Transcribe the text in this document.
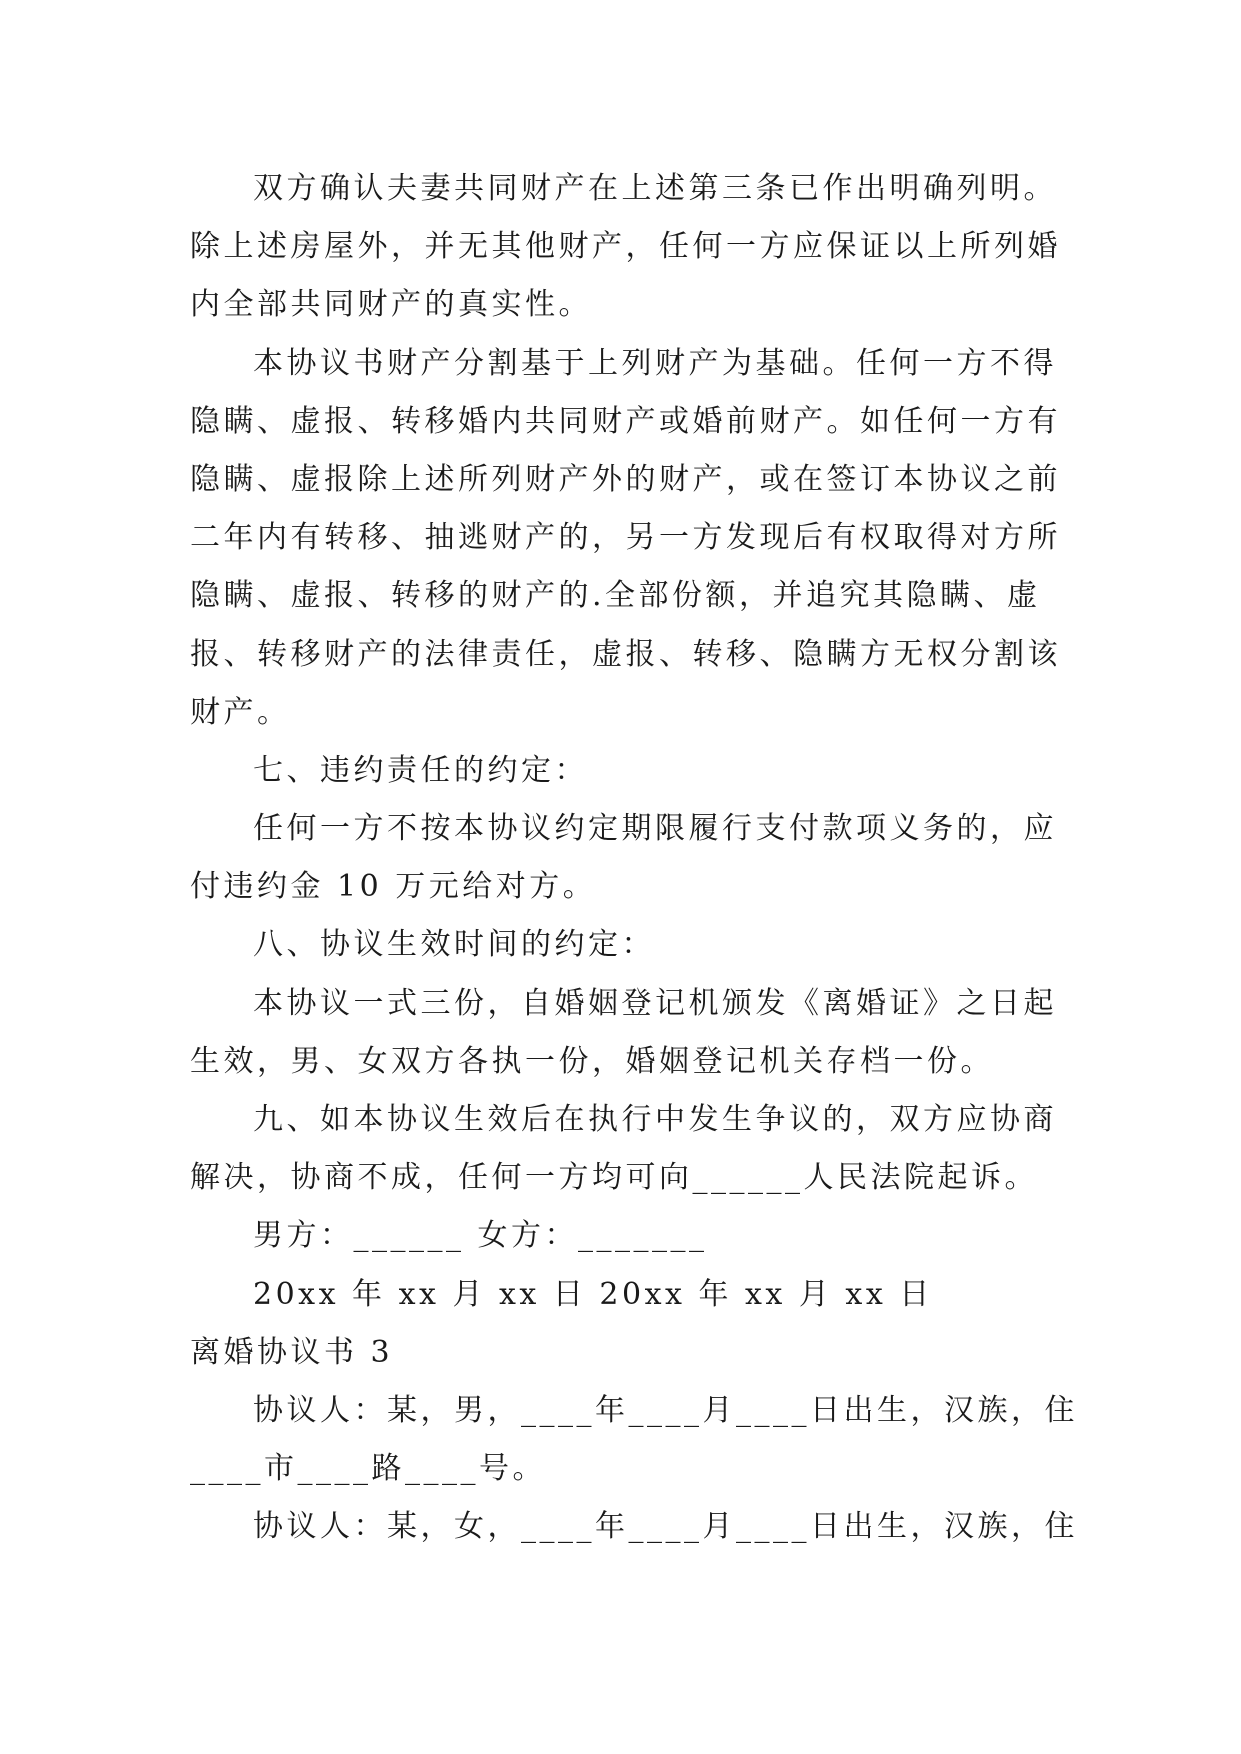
双方确认夫妻共同财产在上述第三条已作出明确列明。
除上述房屋外，并无其他财产，任何一方应保证以上所列婚
内全部共同财产的真实性。
本协议书财产分割基于上列财产为基础。任何一方不得
隐瞒、虚报、转移婚内共同财产或婚前财产。如任何一方有
隐瞒、虚报除上述所列财产外的财产，或在签订本协议之前
二年内有转移、抽逃财产的，另一方发现后有权取得对方所
隐瞒、虚报、转移的财产的.全部份额，并追究其隐瞒、虚
报、转移财产的法律责任，虚报、转移、隐瞒方无权分割该
财产。
七、违约责任的约定：
任何一方不按本协议约定期限履行支付款项义务的，应
付违约金 10 万元给对方。
八、协议生效时间的约定：
本协议一式三份，自婚姻登记机颁发《离婚证》之日起
生效，男、女双方各执一份，婚姻登记机关存档一份。
九、如本协议生效后在执行中发生争议的，双方应协商
解决，协商不成，任何一方均可向______人民法院起诉。
男方：______ 女方：_______
20xx 年 xx 月 xx 日 20xx 年 xx 月 xx 日
离婚协议书 3
协议人：某，男，____年____月____日出生，汉族，住
____市____路____号。
协议人：某，女，____年____月____日出生，汉族，住
